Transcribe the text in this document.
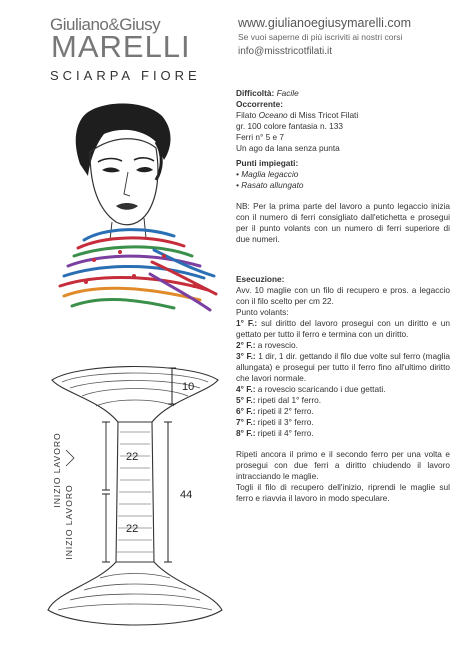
Giuliano&Giusy
MARELLI
SCIARPA FIORE
www.giulianoegiusymarelli.com
Se vuoi saperne di più iscriviti ai nostri corsi
info@misstricotfilati.it

Difficoltà: Facile

Occorrente:

Filato Oceano di Miss Tricot Filati

gr. 100 colore fantasia n. 133

Ferri n° 5 e 7

Un ago da lana senza punta

Punti impiegati:

• Maglia legaccio

• Rasato allungato

NB: Per la prima parte del lavoro a punto legaccio inizia con il numero di ferri consigliato dall'etichetta e prosegui per il punto volants con un numero di ferri superiore di due numeri.

Esecuzione:

Avv. 10 maglie con un filo di recupero e pros. a legaccio con il filo scelto per cm 22.

Punto volants:

1° F.: sul diritto del lavoro prosegui con un diritto e un gettato per tutto il ferro e termina con un diritto.

2° F.: a rovescio.

3° F.: 1 dir, 1 dir. gettando il filo due volte sul ferro (maglia allungata) e prosegui per tutto il ferro fino all'ultimo diritto che lavori normale.

4° F.: a rovescio scaricando i due gettati.

5° F.: ripeti dal 1° ferro.

6° F.: ripeti il 2° ferro.

7° F.: ripeti il 3° ferro.

8° F.: ripeti il 4° ferro.

Ripeti ancora il primo e il secondo ferro per una volta e prosegui con due ferri a diritto chiudendo il lavoro intracciando le maglie.

Togli il filo di recupero dell'inizio, riprendi le maglie sul ferro e riavvia il lavoro in modo speculare.

10
22
44
22
INIZIO LAVORO
INIZIO LAVORO
